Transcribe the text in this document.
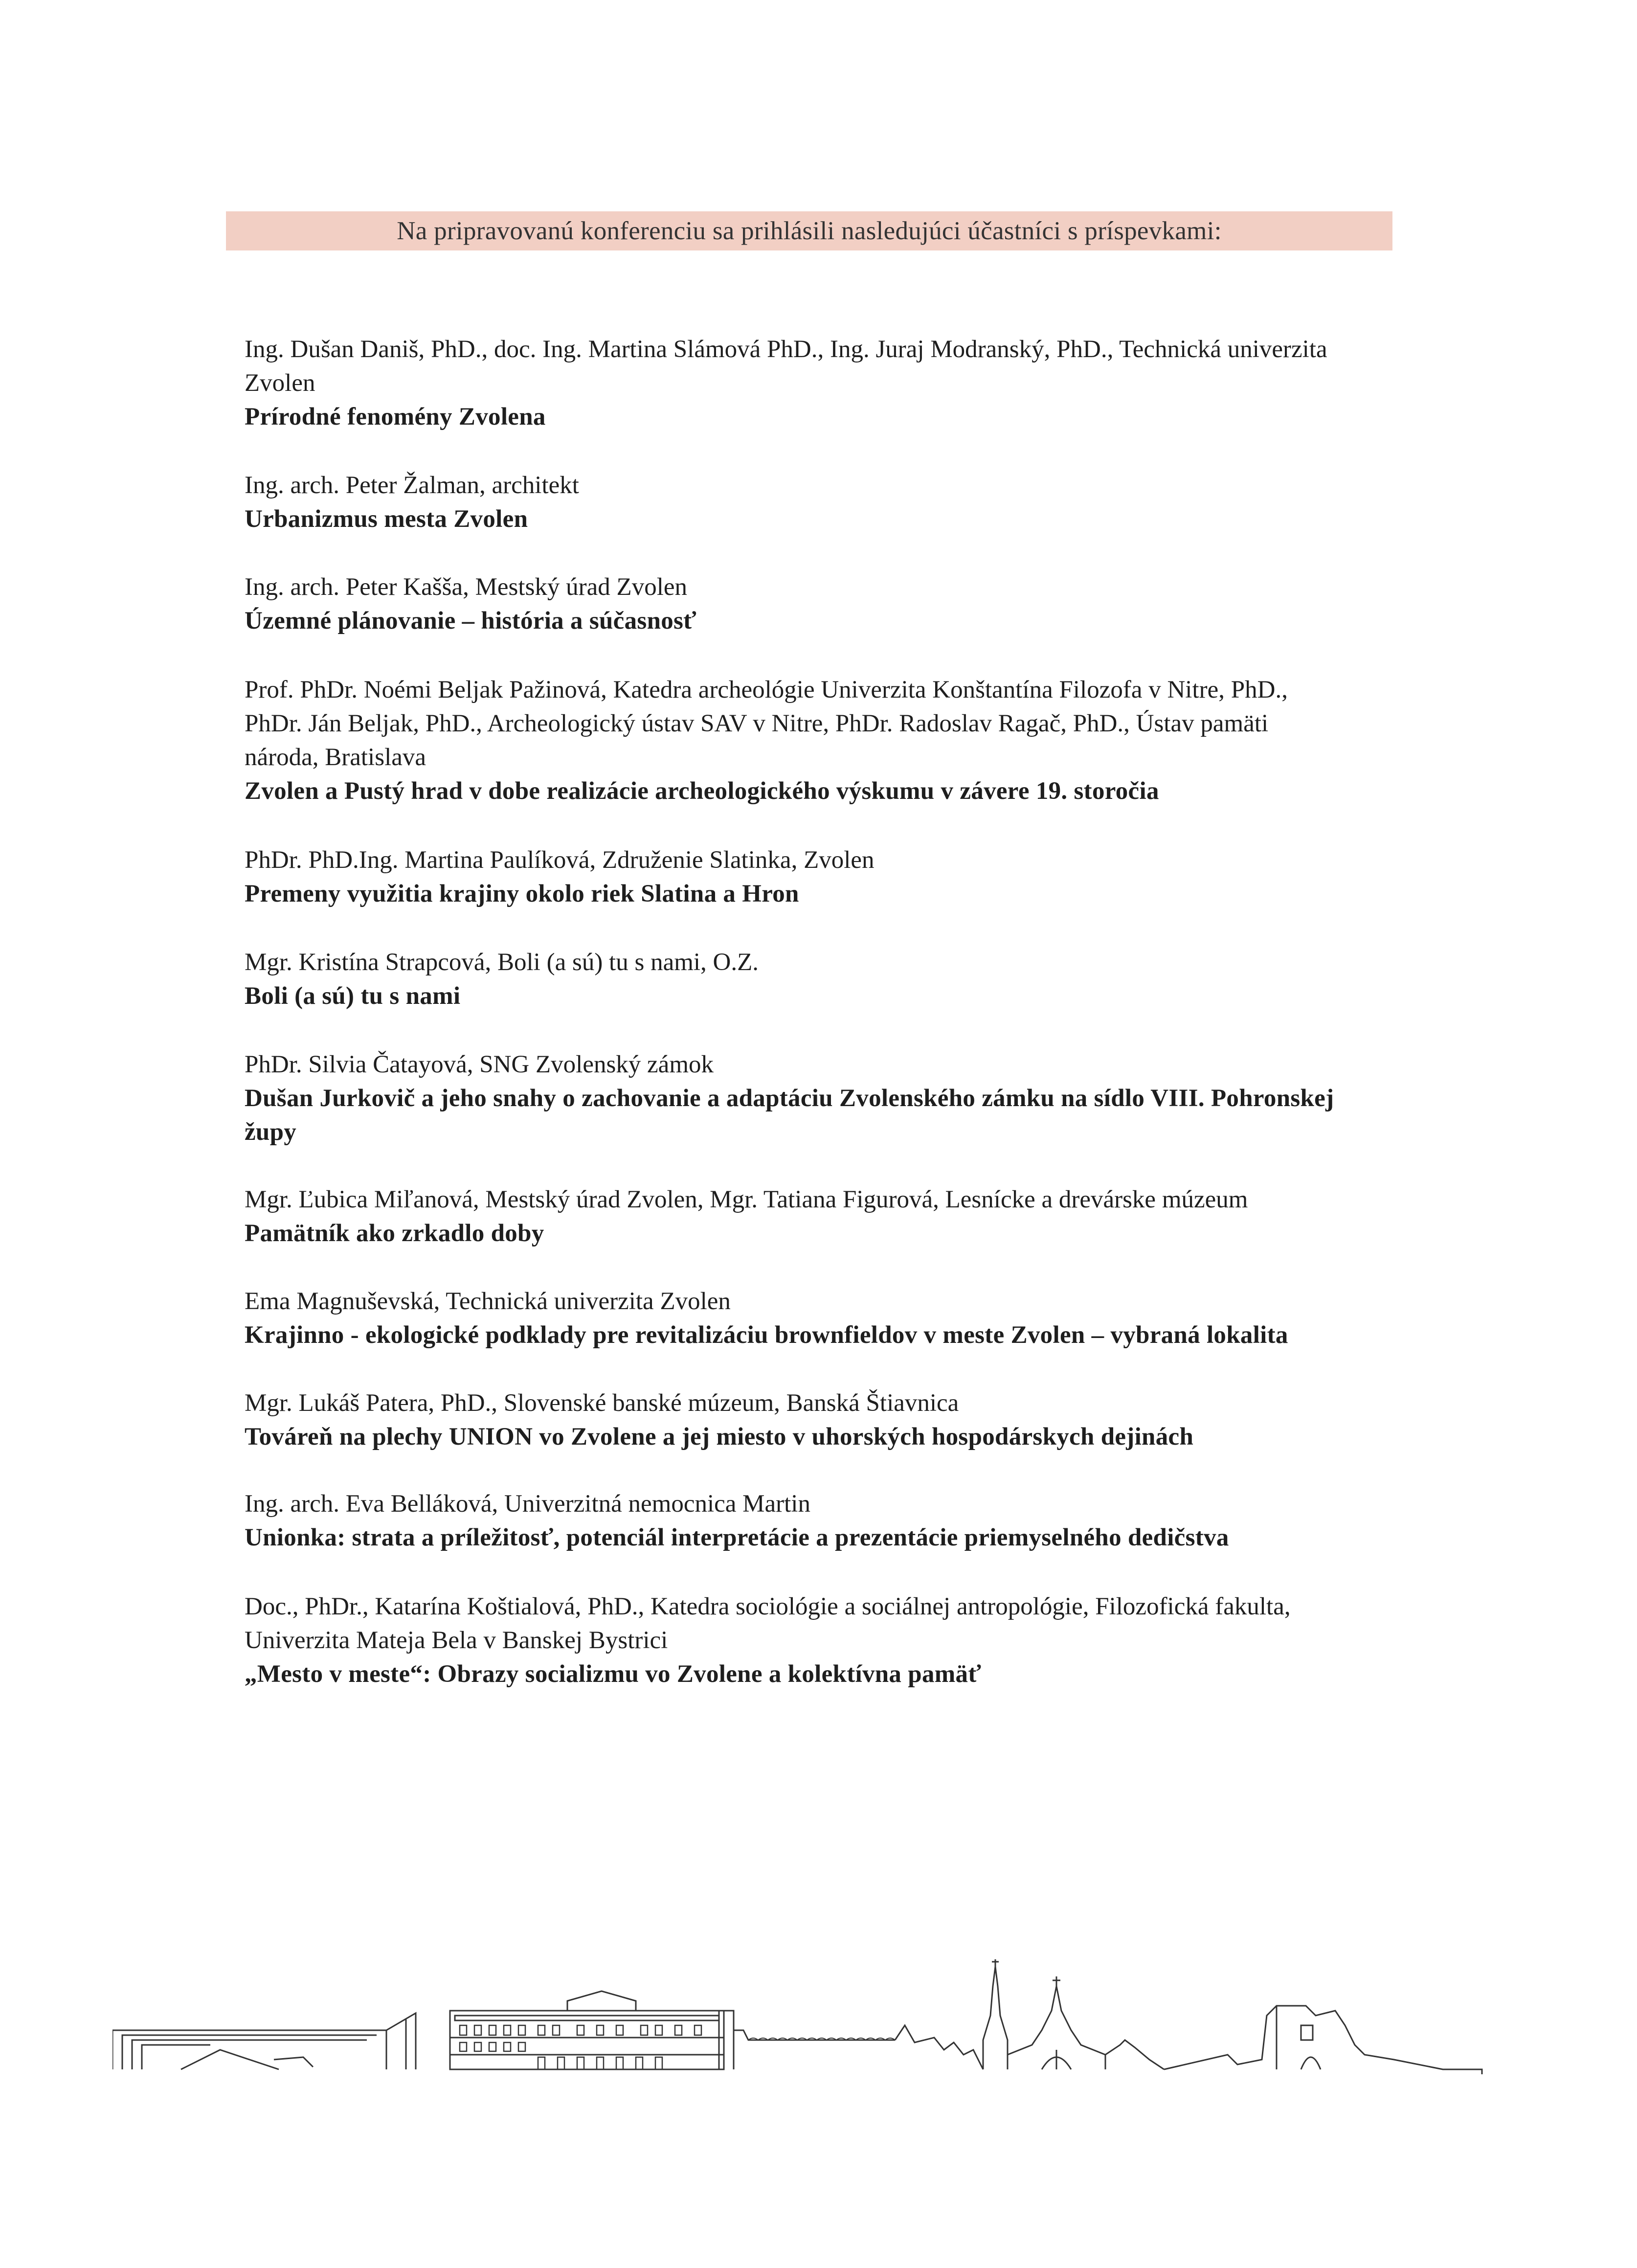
Na pripravovanú konferenciu sa prihlásili nasledujúci účastníci s príspevkami:

Ing. Dušan Daniš, PhD., doc. Ing. Martina Slámová PhD., Ing. Juraj Modranský, PhD., Technická univerzita

Zvolen

Prírodné fenomény Zvolena

Ing. arch. Peter Žalman, architekt

Urbanizmus mesta Zvolen

Ing. arch. Peter Kašša, Mestský úrad Zvolen

Územné plánovanie – história a súčasnosť

Prof. PhDr. Noémi Beljak Pažinová, Katedra archeológie Univerzita Konštantína Filozofa v Nitre, PhD.,

PhDr. Ján Beljak, PhD., Archeologický ústav SAV v Nitre, PhDr. Radoslav Ragač, PhD., Ústav pamäti

národa, Bratislava

Zvolen a Pustý hrad v dobe realizácie archeologického výskumu v závere 19. storočia

PhDr. PhD.Ing. Martina Paulíková, Združenie Slatinka, Zvolen

Premeny využitia krajiny okolo riek Slatina a Hron

Mgr. Kristína Strapcová, Boli (a sú) tu s nami, O.Z.

Boli (a sú) tu s nami

PhDr. Silvia Čatayová, SNG Zvolenský zámok

Dušan Jurkovič a jeho snahy o zachovanie a adaptáciu Zvolenského zámku na sídlo VIII. Pohronskej

župy

Mgr. Ľubica Miľanová, Mestský úrad Zvolen, Mgr. Tatiana Figurová, Lesnícke a drevárske múzeum

Pamätník ako zrkadlo doby

Ema Magnuševská, Technická univerzita Zvolen

Krajinno - ekologické podklady pre revitalizáciu brownfieldov v meste Zvolen – vybraná lokalita

Mgr. Lukáš Patera, PhD., Slovenské banské múzeum, Banská Štiavnica

Továreň na plechy UNION vo Zvolene a jej miesto v uhorských hospodárskych dejinách

Ing. arch. Eva Belláková, Univerzitná nemocnica Martin

Unionka: strata a príležitosť, potenciál interpretácie a prezentácie priemyselného dedičstva

Doc., PhDr., Katarína Koštialová, PhD., Katedra sociológie a sociálnej antropológie, Filozofická fakulta,

Univerzita Mateja Bela v Banskej Bystrici

„Mesto v meste“: Obrazy socializmu vo Zvolene a kolektívna pamäť
